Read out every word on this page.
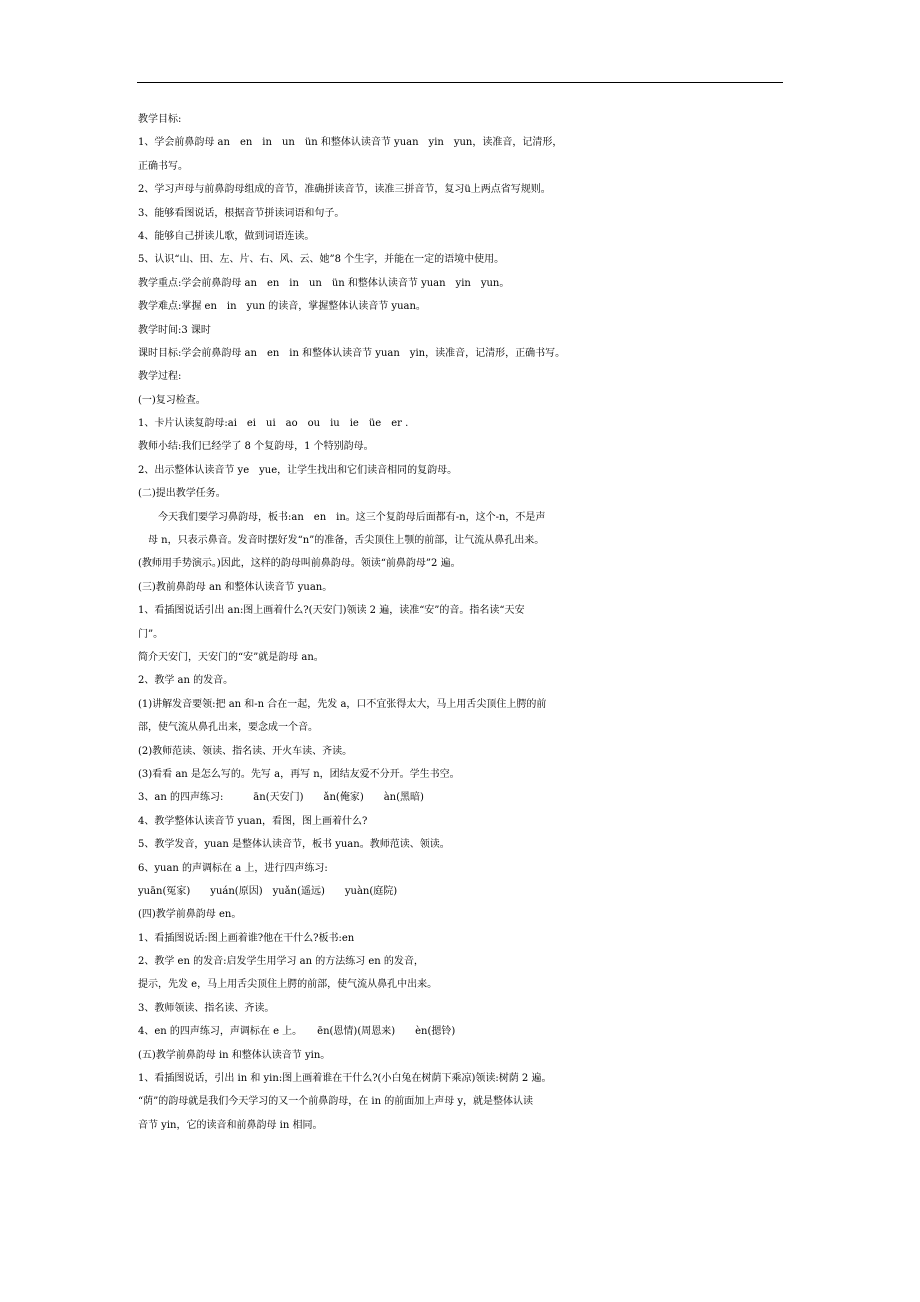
教学目标:
1、学会前鼻韵母 an　en　in　un　ün 和整体认读音节 yuan　yin　yun，读准音，记清形，
正确书写。
2、学习声母与前鼻韵母组成的音节，准确拼读音节，读准三拼音节，复习ü上两点省写规则。
3、能够看图说话，根据音节拼读词语和句子。
4、能够自己拼读儿歌，做到词语连读。
5、认识“山、田、左、片、右、风、云、她”8 个生字，并能在一定的语境中使用。
教学重点:学会前鼻韵母 an　en　in　un　ün 和整体认读音节 yuan　yin　yun。
教学难点:掌握 en　in　yun 的读音，掌握整体认读音节 yuan。
教学时间:3 课时
课时目标:学会前鼻韵母 an　en　in 和整体认读音节 yuan　yin，读准音，记清形，正确书写。
教学过程:
(一)复习检查。
1、卡片认读复韵母:ai　ei　ui　ao　ou　iu　ie　üe　er .
教师小结:我们已经学了 8 个复韵母，1 个特别韵母。
2、出示整体认读音节 ye　yue，让学生找出和它们读音相同的复韵母。
(二)提出教学任务。
　　今天我们要学习鼻韵母，板书:an　en　in。这三个复韵母后面都有-n，这个-n，不是声
　母 n，只表示鼻音。发音时摆好发“n”的准备，舌尖顶住上颚的前部，让气流从鼻孔出来。
(教师用手势演示。)因此，这样的韵母叫前鼻韵母。领读“前鼻韵母”2 遍。
(三)教前鼻韵母 an 和整体认读音节 yuan。
1、看插图说话引出 an:图上画着什么?(天安门)领读 2 遍，读准“安”的音。指名读“天安
门”。
简介天安门，天安门的“安”就是韵母 an。
2、教学 an 的发音。
(1)讲解发音要领:把 an 和-n 合在一起，先发 a，口不宜张得太大，马上用舌尖顶住上腭的前
部，使气流从鼻孔出来，要念成一个音。
(2)教师范读、领读、指名读、开火车读、齐读。
(3)看看 an 是怎么写的。先写 a，再写 n，团结友爱不分开。学生书空。
3、an 的四声练习:　　　ān(天安门)　　ǎn(俺家)　　àn(黑暗)
4、教学整体认读音节 yuan，看图，图上画着什么?
5、教学发音，yuan 是整体认读音节，板书 yuan。教师范读、领读。
6、yuan 的声调标在 a 上，进行四声练习:
yuān(冤家)　　yuán(原因)　yuǎn(遥远)　　yuàn(庭院)
(四)教学前鼻韵母 en。
1、看插图说话:图上画着谁?他在干什么?板书:en
2、教学 en 的发音:启发学生用学习 an 的方法练习 en 的发音，
提示，先发 e，马上用舌尖顶住上腭的前部，使气流从鼻孔中出来。
3、教师领读、指名读、齐读。
4、en 的四声练习，声调标在 e 上。　　ēn(恩情)(周恩来)　　èn(摁铃)
(五)教学前鼻韵母 in 和整体认读音节 yin。
1、看插图说话，引出 in 和 yin:图上画着谁在干什么?(小白兔在树荫下乘凉)领读:树荫 2 遍。
“荫”的韵母就是我们今天学习的又一个前鼻韵母，在 in 的前面加上声母 y，就是整体认读
音节 yin，它的读音和前鼻韵母 in 相同。
